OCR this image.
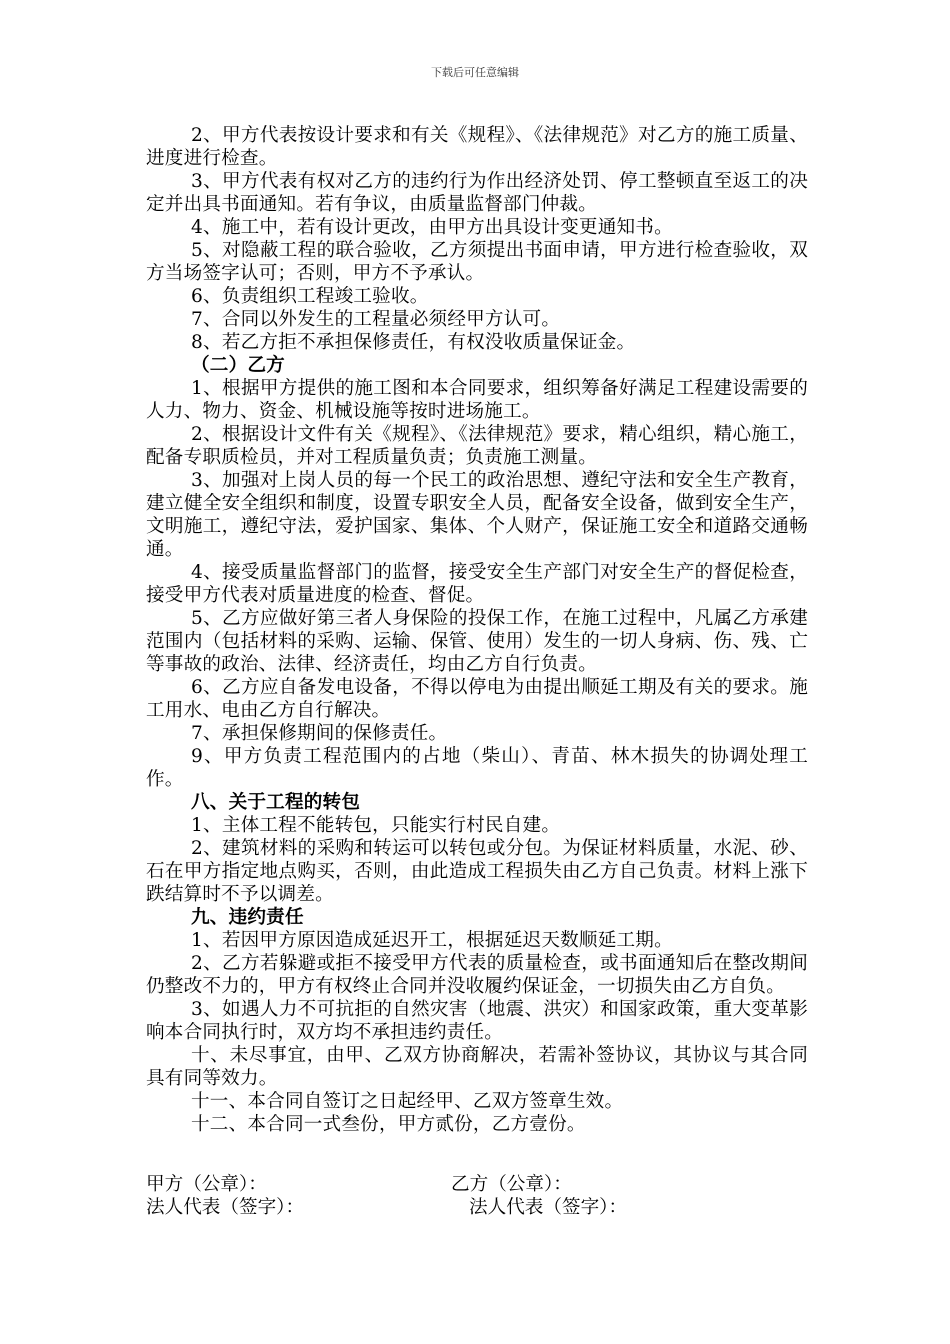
下载后可任意编辑

2、甲方代表按设计要求和有关《规程》、《法律规范》对乙方的施工质量、进度进行检查。

3、甲方代表有权对乙方的违约行为作出经济处罚、停工整顿直至返工的决定并出具书面通知。若有争议，由质量监督部门仲裁。

4、施工中，若有设计更改，由甲方出具设计变更通知书。

5、对隐蔽工程的联合验收，乙方须提出书面申请，甲方进行检查验收，双方当场签字认可；否则，甲方不予承认。

6、负责组织工程竣工验收。

7、合同以外发生的工程量必须经甲方认可。

8、若乙方拒不承担保修责任，有权没收质量保证金。

（二）乙方

1、根据甲方提供的施工图和本合同要求，组织筹备好满足工程建设需要的人力、物力、资金、机械设施等按时进场施工。

2、根据设计文件有关《规程》、《法律规范》要求，精心组织，精心施工，配备专职质检员，并对工程质量负责；负责施工测量。

3、加强对上岗人员的每一个民工的政治思想、遵纪守法和安全生产教育，建立健全安全组织和制度，设置专职安全人员，配备安全设备，做到安全生产，文明施工，遵纪守法，爱护国家、集体、个人财产，保证施工安全和道路交通畅通。

4、接受质量监督部门的监督，接受安全生产部门对安全生产的督促检查，接受甲方代表对质量进度的检查、督促。

5、乙方应做好第三者人身保险的投保工作，在施工过程中，凡属乙方承建范围内（包括材料的采购、运输、保管、使用）发生的一切人身病、伤、残、亡等事故的政治、法律、经济责任，均由乙方自行负责。

6、乙方应自备发电设备，不得以停电为由提出顺延工期及有关的要求。施工用水、电由乙方自行解决。

7、承担保修期间的保修责任。

9、甲方负责工程范围内的占地（柴山）、青苗、林木损失的协调处理工作。

八、关于工程的转包

1、主体工程不能转包，只能实行村民自建。

2、建筑材料的采购和转运可以转包或分包。为保证材料质量，水泥、砂、石在甲方指定地点购买，否则，由此造成工程损失由乙方自己负责。材料上涨下跌结算时不予以调差。

九、违约责任

1、若因甲方原因造成延迟开工，根据延迟天数顺延工期。

2、乙方若躲避或拒不接受甲方代表的质量检查，或书面通知后在整改期间仍整改不力的，甲方有权终止合同并没收履约保证金，一切损失由乙方自负。

3、如遇人力不可抗拒的自然灾害（地震、洪灾）和国家政策，重大变革影响本合同执行时，双方均不承担违约责任。

十、未尽事宜，由甲、乙双方协商解决，若需补签协议，其协议与其合同具有同等效力。

十一、本合同自签订之日起经甲、乙双方签章生效。

十二、本合同一式叁份，甲方贰份，乙方壹份。

甲方（公章）：	乙方（公章）：
法人代表（签字）：	法人代表（签字）：
